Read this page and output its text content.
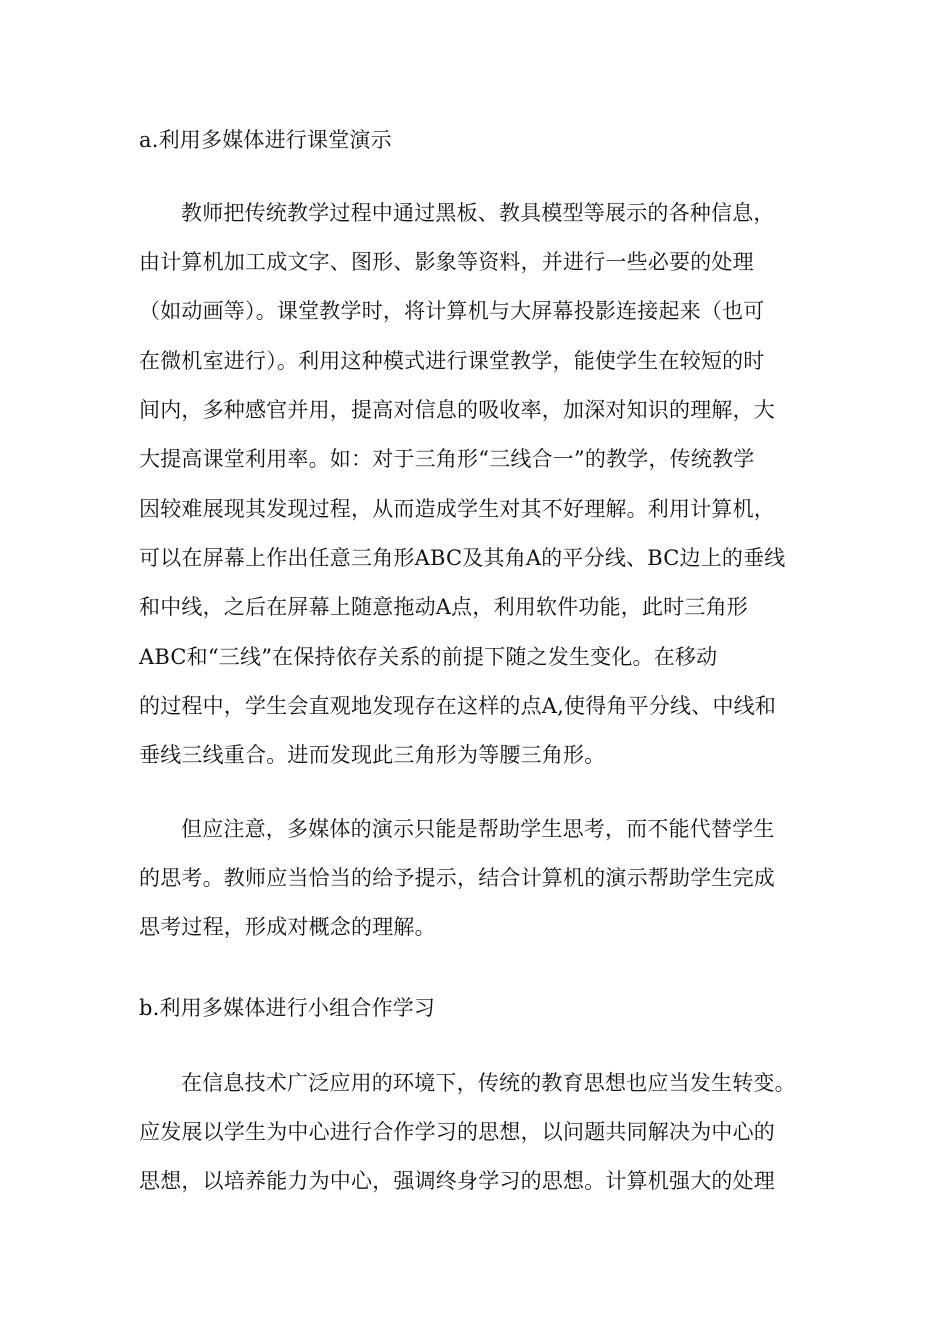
a.利用多媒体进行课堂演示
教师把传统教学过程中通过黑板、教具模型等展示的各种信息，
由计算机加工成文字、图形、影象等资料，并进行一些必要的处理
（如动画等）。课堂教学时，将计算机与大屏幕投影连接起来（也可
在微机室进行）。利用这种模式进行课堂教学，能使学生在较短的时
间内，多种感官并用，提高对信息的吸收率，加深对知识的理解，大
大提高课堂利用率。如：对于三角形“三线合一”的教学，传统教学
因较难展现其发现过程，从而造成学生对其不好理解。利用计算机，
可以在屏幕上作出任意三角形ABC及其角A的平分线、BC边上的垂线
和中线，之后在屏幕上随意拖动A点，利用软件功能，此时三角形
ABC和“三线”在保持依存关系的前提下随之发生变化。在移动
的过程中，学生会直观地发现存在这样的点A,使得角平分线、中线和
垂线三线重合。进而发现此三角形为等腰三角形。
但应注意，多媒体的演示只能是帮助学生思考，而不能代替学生
的思考。教师应当恰当的给予提示，结合计算机的演示帮助学生完成
思考过程，形成对概念的理解。
b.利用多媒体进行小组合作学习
在信息技术广泛应用的环境下，传统的教育思想也应当发生转变。
应发展以学生为中心进行合作学习的思想，以问题共同解决为中心的
思想，以培养能力为中心，强调终身学习的思想。计算机强大的处理
